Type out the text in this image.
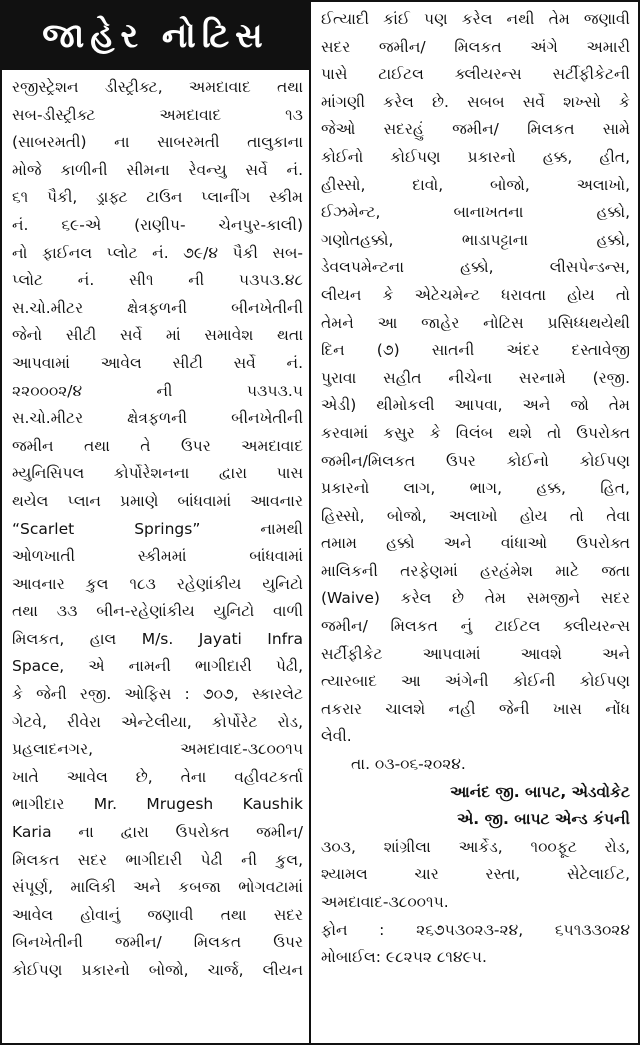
જાહેર નોટિસ
રજીસ્ટ્રેશન ડીસ્ટ્રીક્ટ, અમદાવાદ તથા
સબ-ડીસ્ટ્રીક્ટ અમદાવાદ ૧૩
(સાબરમતી) ના સાબરમતી તાલુકાના
મોજે કાળીની સીમના રેવન્યુ સર્વે નં.
૬૧ પૈકી, ડ્રાફ્ટ ટાઉન પ્લાનીંગ સ્કીમ
નં. ૬૯-એ (રાણીપ- ચેનપુર-કાલી)
નો ફાઈનલ પ્લોટ નં. ૭૯/૪ પૈકી સબ-
પ્લોટ નં. સી૧ ની ૫૩૫૩.૪૮
સ.ચો.મીટર ક્ષેત્રફળની બીનખેતીની
જેનો સીટી સર્વે માં સમાવેશ થતા
આપવામાં આવેલ સીટી સર્વે નં.
૨૨૦૦૦૨/૪ ની ૫૩૫૩.૫
સ.ચો.મીટર ક્ષેત્રફળની બીનખેતીની
જમીન તથા તે ઉપર અમદાવાદ
મ્યુનિસિપલ કોર્પોરેશનના દ્વારા પાસ
થયેલ પ્લાન પ્રમાણે બાંધવામાં આવનાર
“Scarlet Springs” નામથી
ઓળખાતી સ્કીમમાં બાંધવામાં
આવનાર કુલ ૧૮૩ રહેણાંકીય યુનિટો
તથા ૩૩ બીન-રહેણાંકીય યુનિટો વાળી
મિલકત, હાલ M/s. Jayati Infra
Space, એ નામની ભાગીદારી પેઢી,
કે જેની રજી. ઓફિસ : ૭૦૭, સ્કારલેટ
ગેટવે, રીવેરા એન્ટેલીયા, કોર્પોરેટ રોડ,
પ્રહલાદનગર, અમદાવાદ-૩૮૦૦૧૫
ખાતે આવેલ છે, તેના વહીવટકર્તા
ભાગીદાર Mr. Mrugesh Kaushik
Karia ના દ્વારા ઉપરોક્ત જમીન/
મિલકત સદર ભાગીદારી પેઢી ની કુલ,
સંપૂર્ણ, માલિકી અને કબજા ભોગવટામાં
આવેલ હોવાનું જણાવી તથા સદર
બિનખેતીની જમીન/ મિલકત ઉપર
કોઈપણ પ્રકારનો બોજો, ચાર્જ, લીયન
ઈત્યાદી કાંઈ પણ કરેલ નથી તેમ જણાવી
સદર જમીન/ મિલકત અંગે અમારી
પાસે ટાઈટલ ક્લીયરન્સ સર્ટીફીકેટની
માંગણી કરેલ છે. સબબ સર્વે શખ્સો કે
જેઓ સદરહું જમીન/ મિલકત સામે
કોઈનો કોઈપણ પ્રકારનો હક્ક, હીત,
હીસ્સો, દાવો, બોજો, અલાખો,
ઈઝમેન્ટ, બાનાખતના હક્કો,
ગણોતહક્કો, ભાડાપટ્ટાના હક્કો,
ડેવલપમેન્ટના હક્કો, લીસપેન્ડન્સ,
લીયન કે એટેચમેન્ટ ધરાવતા હોય તો
તેમને આ જાહેર નોટિસ પ્રસિધ્ધથયેથી
દિન (૭) સાતની અંદર દસ્તાવેજી
પુરાવા સહીત નીચેના સરનામે (રજી.
એડી) થીમોકલી આપવા, અને જો તેમ
કરવામાં કસુર કે વિલંબ થશે તો ઉપરોક્ત
જમીન/મિલકત ઉપર કોઈનો કોઈપણ
પ્રકારનો લાગ, ભાગ, હક્ક, હિત,
હિસ્સો, બોજો, અલાખો હોય તો તેવા
તમામ હક્કો અને વાંધાઓ ઉપરોક્ત
માલિકની તરફેણમાં હરહંમેશ માટે જતા
(Waive) કરેલ છે તેમ સમજીને સદર
જમીન/ મિલકત નું ટાઈટલ ક્લીયરન્સ
સર્ટીફીકેટ આપવામાં આવશે અને
ત્યારબાદ આ અંગેની કોઈની કોઈપણ
તકરાર ચાલશે નહી જેની ખાસ નોંધ
લેવી.
તા. ૦૩-૦૬-૨૦૨૪.
આનંદ જી. બાપટ, એડવોકેટ
એ. જી. બાપટ એન્ડ કંપની
૩૦૩, શાંગ્રીલા આર્કેડ, ૧૦૦ફૂટ રોડ,
શ્યામલ ચાર રસ્તા, સેટેલાઈટ,
અમદાવાદ-૩૮૦૦૧૫.
ફોન : ૨૬૭૫૩૦૨૩-૨૪, ૬૫૧૩૩૦૨૪
મોબાઈલ: ૯૮૨૫૨ ૮૧૪૯૫.
